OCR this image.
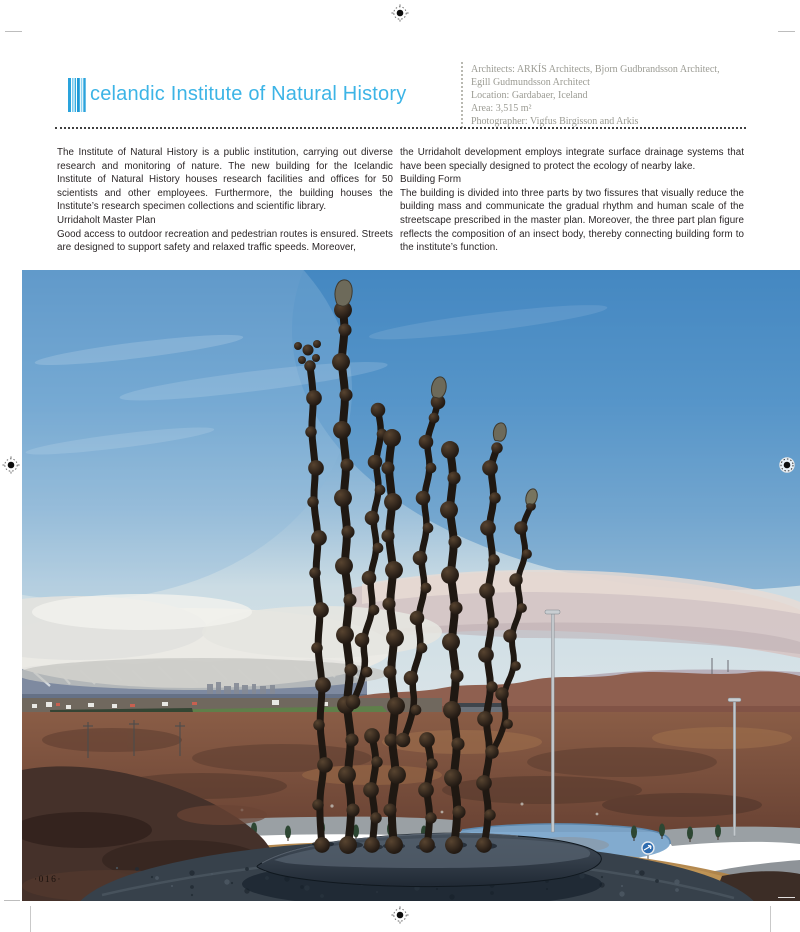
celandic Institute of Natural History
Architects: ARKÍS Architects, Bjorn Gudbrandsson Architect,
Egill Gudmundsson Architect
Location: Gardabaer, Iceland
Area: 3,515 m²
Photographer: Vigfus Birgisson and Arkis

The Institute of Natural History is a public institution, carrying out diverse research and monitoring of nature. The new building for the Icelandic Institute of Natural History houses research facilities and offices for 50 scientists and other employees. Furthermore, the building houses the Institute’s research specimen collections and scientific library.

Urridaholt Master Plan

Good access to outdoor recreation and pedestrian routes is ensured. Streets are designed to support safety and relaxed traffic speeds. Moreover,

the Urridaholt development employs integrate surface drainage systems that have been specially designed to protect the ecology of nearby lake.

Building Form

The building is divided into three parts by two fissures that visually reduce the building mass and communicate the gradual rhythm and human scale of the streetscape prescribed in the master plan. Moreover, the three part plan figure reflects the composition of an insect body, thereby connecting building form to the institute’s function.

·016·
